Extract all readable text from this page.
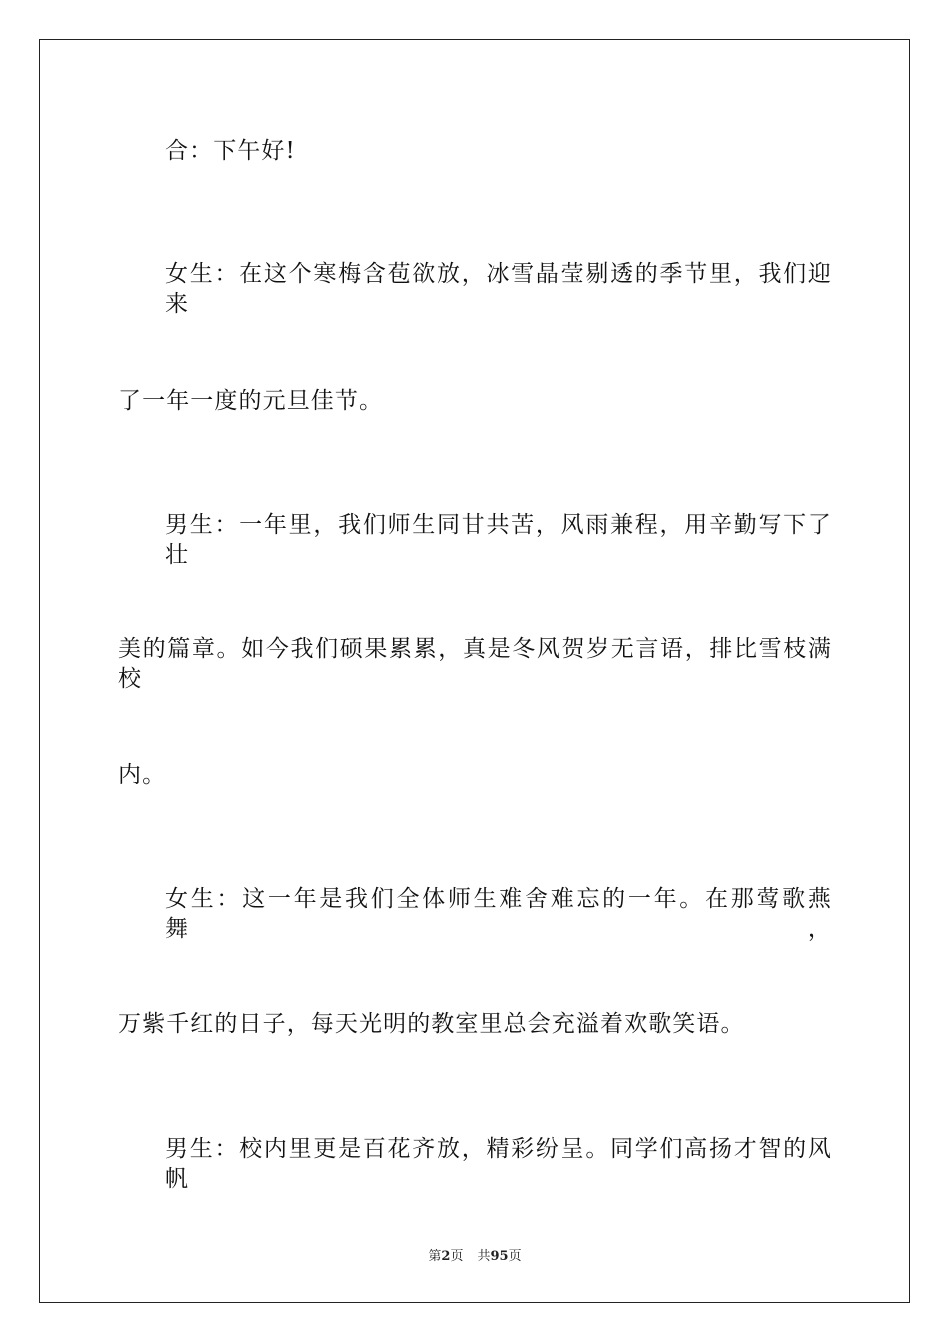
合：下午好!
女生：在这个寒梅含苞欲放，冰雪晶莹剔透的季节里，我们迎来
了一年一度的元旦佳节。
男生：一年里，我们师生同甘共苦，风雨兼程，用辛勤写下了壮
美的篇章。如今我们硕果累累，真是冬风贺岁无言语，排比雪枝满校
内。
女生：这一年是我们全体师生难舍难忘的一年。在那莺歌燕舞，
万紫千红的日子，每天光明的教室里总会充溢着欢歌笑语。
男生：校内里更是百花齐放，精彩纷呈。同学们高扬才智的风帆
第2页 共95页
